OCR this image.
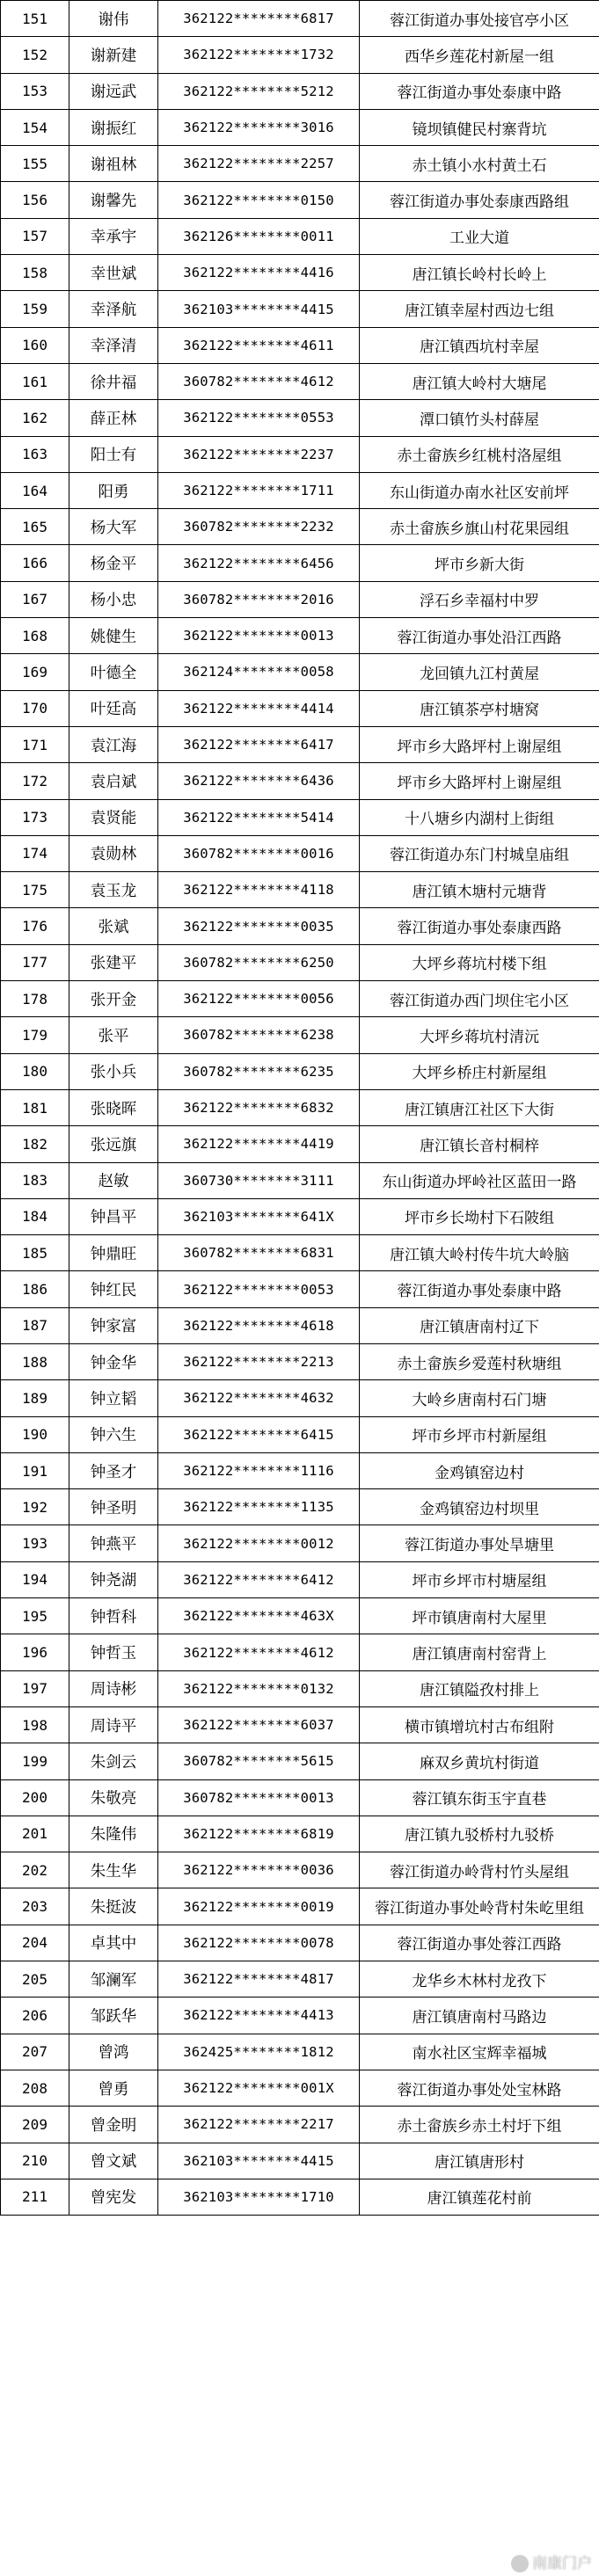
151	谢伟	362122********6817	蓉江街道办事处接官亭小区
152	谢新建	362122********1732	西华乡莲花村新屋一组
153	谢远武	362122********5212	蓉江街道办事处泰康中路
154	谢振红	362122********3016	镜坝镇健民村寨背坑
155	谢祖林	362122********2257	赤土镇小水村黄土石
156	谢馨先	362122********0150	蓉江街道办事处泰康西路组
157	幸承宇	362126********0011	工业大道
158	幸世斌	362122********4416	唐江镇长岭村长岭上
159	幸泽航	362103********4415	唐江镇幸屋村西边七组
160	幸泽清	362122********4611	唐江镇西坑村幸屋
161	徐井福	360782********4612	唐江镇大岭村大塘尾
162	薛正林	362122********0553	潭口镇竹头村薛屋
163	阳士有	362122********2237	赤土畲族乡红桃村洛屋组
164	阳勇	362122********1711	东山街道办南水社区安前坪
165	杨大军	360782********2232	赤土畲族乡旗山村花果园组
166	杨金平	362122********6456	坪市乡新大街
167	杨小忠	360782********2016	浮石乡幸福村中罗
168	姚健生	362122********0013	蓉江街道办事处沿江西路
169	叶德全	362124********0058	龙回镇九江村黄屋
170	叶廷高	362122********4414	唐江镇茶亭村塘窝
171	袁江海	362122********6417	坪市乡大路坪村上谢屋组
172	袁启斌	362122********6436	坪市乡大路坪村上谢屋组
173	袁贤能	362122********5414	十八塘乡内湖村上街组
174	袁勋林	360782********0016	蓉江街道办东门村城皇庙组
175	袁玉龙	362122********4118	唐江镇木塘村元塘背
176	张斌	362122********0035	蓉江街道办事处泰康西路
177	张建平	360782********6250	大坪乡蒋坑村楼下组
178	张开金	362122********0056	蓉江街道办西门坝住宅小区
179	张平	360782********6238	大坪乡蒋坑村清沅
180	张小兵	360782********6235	大坪乡桥庄村新屋组
181	张晓晖	362122********6832	唐江镇唐江社区下大街
182	张远旗	362122********4419	唐江镇长音村桐梓
183	赵敏	360730********3111	东山街道办坪岭社区蓝田一路
184	钟昌平	362103********641X	坪市乡长坳村下石陂组
185	钟鼎旺	360782********6831	唐江镇大岭村传牛坑大岭脑
186	钟红民	362122********0053	蓉江街道办事处泰康中路
187	钟家富	362122********4618	唐江镇唐南村辽下
188	钟金华	362122********2213	赤土畲族乡爱莲村秋塘组
189	钟立韬	362122********4632	大岭乡唐南村石门塘
190	钟六生	362122********6415	坪市乡坪市村新屋组
191	钟圣才	362122********1116	金鸡镇窑边村
192	钟圣明	362122********1135	金鸡镇窑边村坝里
193	钟燕平	362122********0012	蓉江街道办事处旱塘里
194	钟尧湖	362122********6412	坪市乡坪市村塘屋组
195	钟哲科	362122********463X	坪市镇唐南村大屋里
196	钟哲玉	362122********4612	唐江镇唐南村窑背上
197	周诗彬	362122********0132	唐江镇隘孜村排上
198	周诗平	362122********6037	横市镇增坑村古布组附
199	朱剑云	360782********5615	麻双乡黄坑村街道
200	朱敬亮	360782********0013	蓉江镇东街玉宇直巷
201	朱隆伟	362122********6819	唐江镇九驳桥村九驳桥
202	朱生华	362122********0036	蓉江街道办岭背村竹头屋组
203	朱挺波	362122********0019	蓉江街道办事处岭背村朱屹里组
204	卓其中	362122********0078	蓉江街道办事处蓉江西路
205	邹澜军	362122********4817	龙华乡木林村龙孜下
206	邹跃华	362122********4413	唐江镇唐南村马路边
207	曾鸿	362425********1812	南水社区宝辉幸福城
208	曾勇	362122********001X	蓉江街道办事处处宝林路
209	曾金明	362122********2217	赤土畲族乡赤土村圩下组
210	曾文斌	362103********4415	唐江镇唐形村
211	曾宪发	362103********1710	唐江镇莲花村前
南康门户
